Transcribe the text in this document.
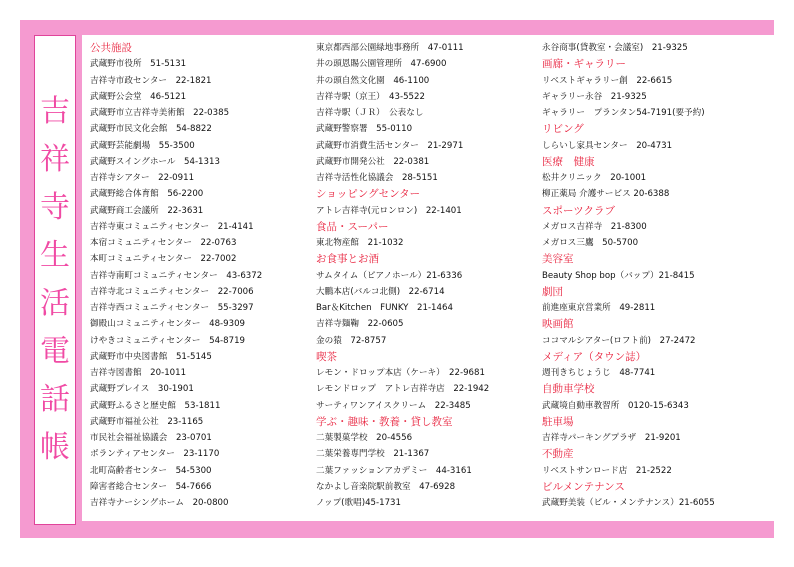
吉
祥
寺
生
活
電
話
帳
公共施設
武蔵野市役所　51-5131
吉祥寺市政センター　22-1821
武蔵野公会堂　46-5121
武蔵野市立吉祥寺美術館　22-0385
武蔵野市民文化会館　54-8822
武蔵野芸能劇場　55-3500
武蔵野スイングホール　54-1313
吉祥寺シアター　22-0911
武蔵野総合体育館　56-2200
武蔵野商工会議所　22-3631
吉祥寺東コミュニティセンター　21-4141
本宿コミュニティセンター　22-0763
本町コミュニティセンター　22-7002
吉祥寺南町コミュニティセンター　43-6372
吉祥寺北コミュニティセンター　22-7006
吉祥寺西コミュニティセンター　55-3297
御殿山コミュニティセンター　48-9309
けやきコミュニティセンター　54-8719
武蔵野市中央図書館　51-5145
吉祥寺図書館　20-1011
武蔵野プレイス　30-1901
武蔵野ふるさと歴史館　53-1811
武蔵野市福祉公社　23-1165
市民社会福祉協議会　23-0701
ボランティアセンター　23-1170
北町高齢者センター　54-5300
障害者総合センター　54-7666
吉祥寺ナーシングホーム　20-0800
東京都西部公園緑地事務所　47-0111
井の頭恩賜公園管理所　47-6900
井の頭自然文化園　46-1100
吉祥寺駅（京王）　43-5522
吉祥寺駅（ＪＲ）　公表なし
武蔵野警察署　55-0110
武蔵野市消費生活センター　21-2971
武蔵野市開発公社　22-0381
吉祥寺活性化協議会　28-5151
ショッピングセンター
アトレ吉祥寺(元ロンロン)　22-1401
食品・スーパー
東北物産館　21-1032
お食事とお酒
サムタイム（ピアノホール）21-6336
大鵬本店(バルコ北側)　22-6714
Bar＆Kitchen　FUNKY　21-1464
吉祥寺麺鞠　22-0605
金の猿　72-8757
喫茶
レモン・ドロップ本店（ケーキ）　22-9681
レモンドロップ　アトレ吉祥寺店　22-1942
サーティワンアイスクリーム　22-3485
学ぶ・趣味・教養・貸し教室
二葉製菓学校　20-4556
二葉栄養専門学校　21-1367
二葉ファッションアカデミー　44-3161
なかよし音楽院駅前教室　47-6928
ノップ(歌唱)45-1731
永谷商事(貸教室・会議室)　21-9325
画廊・ギャラリー
リベストギャラリー創　22-6615
ギャラリー永谷　21-9325
ギャラリー　プランタン54-7191(要予約)
リビング
しらいし家具センター　20-4731
医療　健康
松井クリニック　20-1001
柳正薬局 介護サービス 20-6388
スポーツクラブ
メガロス吉祥寺　21-8300
メガロス三鷹　50-5700
美容室
Beauty Shop bop（バップ）21-8415
劇団
前進座東京営業所　49-2811
映画館
ココマルシアター(ロフト前)　27-2472
メディア（タウン誌）
週刊きちじょうじ　48-7741
自動車学校
武蔵境自動車教習所　0120-15-6343
駐車場
吉祥寺パーキングプラザ　21-9201
不動産
リベストサンロード店　21-2522
ビルメンテナンス
武蔵野美装（ビル・メンテナンス）21-6055
